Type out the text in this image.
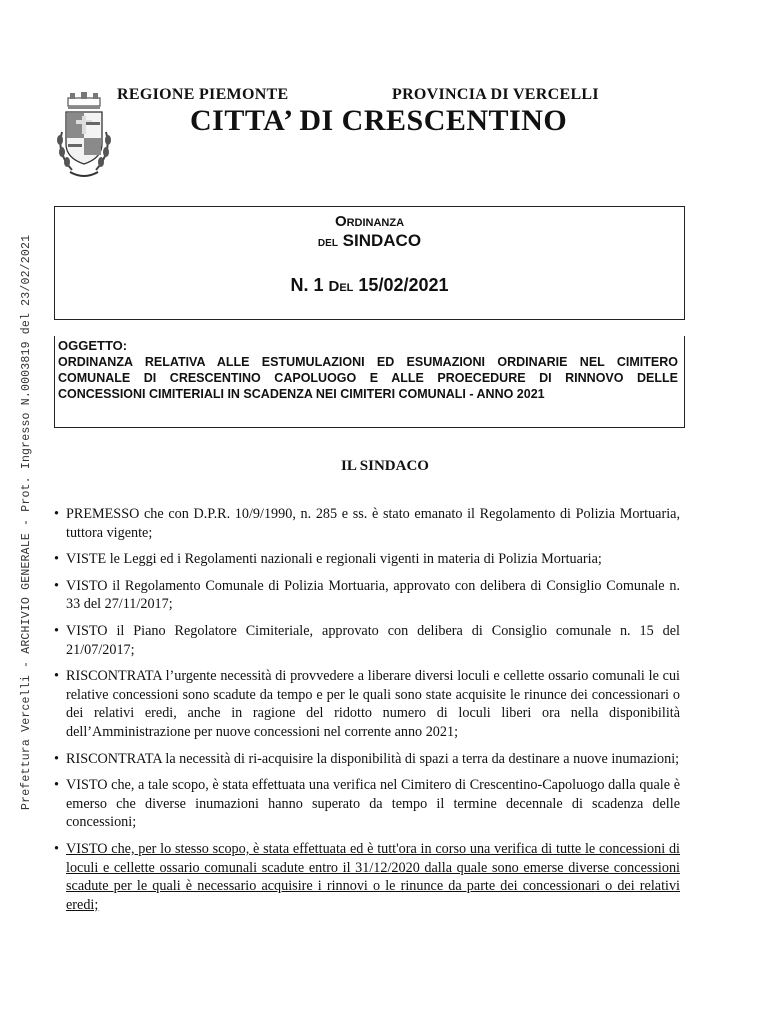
Prefettura Vercelli - ARCHIVIO GENERALE - Prot. Ingresso N.0003819 del 23/02/2021
REGIONE PIEMONTE	PROVINCIA DI VERCELLI
CITTA’ DI CRESCENTINO
Ordinanza
del SINDACO
N. 1 Del 15/02/2021
OGGETTO:
ORDINANZA RELATIVA ALLE ESTUMULAZIONI ED ESUMAZIONI ORDINARIE NEL CIMITERO COMUNALE DI CRESCENTINO CAPOLUOGO E ALLE PROECEDURE DI RINNOVO DELLE CONCESSIONI CIMITERIALI IN SCADENZA NEI CIMITERI COMUNALI - ANNO 2021
IL SINDACO
• PREMESSO che con D.P.R. 10/9/1990, n. 285 e ss. è stato emanato il Regolamento di Polizia Mortuaria, tuttora vigente;
• VISTE le Leggi ed i Regolamenti nazionali e regionali vigenti in materia di Polizia Mortuaria;
• VISTO il Regolamento Comunale di Polizia Mortuaria, approvato con delibera di Consiglio Comunale n. 33 del 27/11/2017;
• VISTO il Piano Regolatore Cimiteriale, approvato con delibera di Consiglio comunale n. 15 del 21/07/2017;
• RISCONTRATA l’urgente necessità di provvedere a liberare diversi loculi e cellette ossario comunali le cui relative concessioni sono scadute da tempo e per le quali sono state acquisite le rinunce dei concessionari o dei relativi eredi, anche in ragione del ridotto numero di loculi liberi ora nella disponibilità dell’Amministrazione per nuove concessioni nel corrente anno 2021;
• RISCONTRATA la necessità di ri-acquisire la disponibilità di spazi a terra da destinare a nuove inumazioni;
• VISTO che, a tale scopo, è stata effettuata una verifica nel Cimitero di Crescentino-Capoluogo dalla quale è emerso che diverse inumazioni hanno superato da tempo il termine decennale di scadenza delle concessioni;
• VISTO che, per lo stesso scopo, è stata effettuata ed è tutt'ora in corso una verifica di tutte le concessioni di loculi e cellette ossario comunali scadute entro il 31/12/2020 dalla quale sono emerse diverse concessioni scadute per le quali è necessario acquisire i rinnovi o le rinunce da parte dei concessionari o dei relativi eredi;
